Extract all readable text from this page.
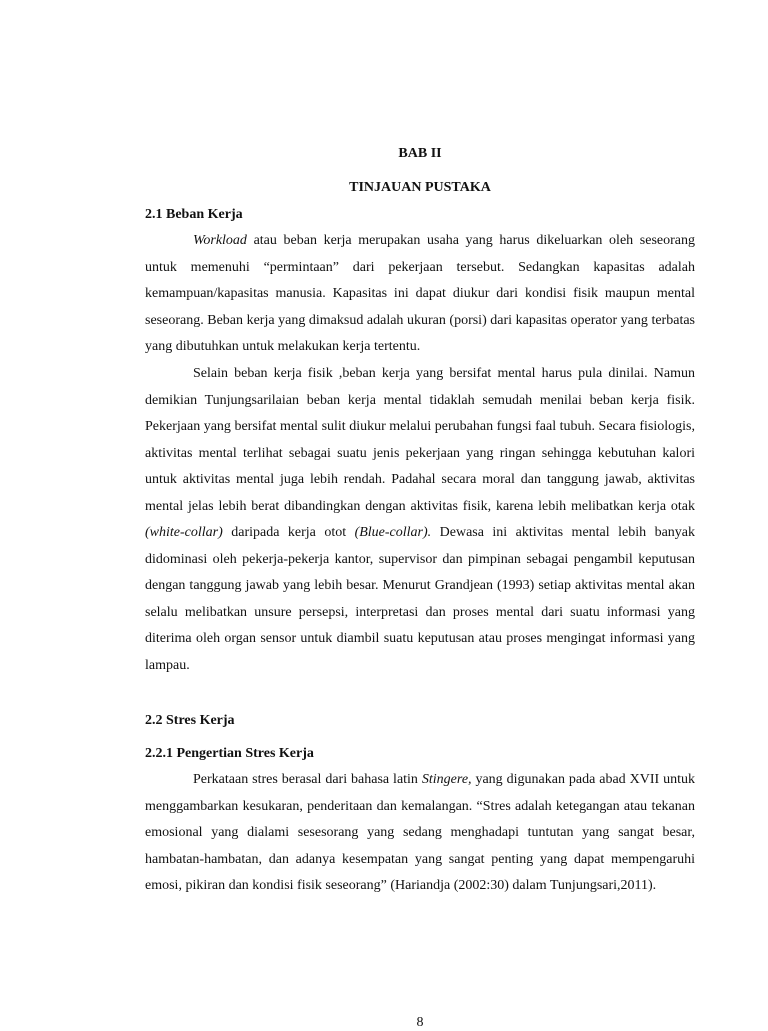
BAB II
TINJAUAN PUSTAKA
2.1 Beban Kerja

Workload atau beban kerja merupakan usaha yang harus dikeluarkan oleh seseorang untuk memenuhi “permintaan” dari pekerjaan tersebut. Sedangkan kapasitas adalah kemampuan/kapasitas manusia. Kapasitas ini dapat diukur dari kondisi fisik maupun mental seseorang. Beban kerja yang dimaksud adalah ukuran (porsi) dari kapasitas operator yang terbatas yang dibutuhkan untuk melakukan kerja tertentu.

Selain beban kerja fisik ,beban kerja yang bersifat mental harus pula dinilai. Namun demikian Tunjungsarilaian beban kerja mental tidaklah semudah menilai beban kerja fisik. Pekerjaan yang bersifat mental sulit diukur melalui perubahan fungsi faal tubuh. Secara fisiologis, aktivitas mental terlihat sebagai suatu jenis pekerjaan yang ringan sehingga kebutuhan kalori untuk aktivitas mental juga lebih rendah. Padahal secara moral dan tanggung jawab, aktivitas mental jelas lebih berat dibandingkan dengan aktivitas fisik, karena lebih melibatkan kerja otak (white-collar) daripada kerja otot (Blue-collar). Dewasa ini aktivitas mental lebih banyak didominasi oleh pekerja-pekerja kantor, supervisor dan pimpinan sebagai pengambil keputusan dengan tanggung jawab yang lebih besar. Menurut Grandjean (1993) setiap aktivitas mental akan selalu melibatkan unsure persepsi, interpretasi dan proses mental dari suatu informasi yang diterima oleh organ sensor untuk diambil suatu keputusan atau proses mengingat informasi yang lampau.

2.2 Stres Kerja
2.2.1 Pengertian Stres Kerja

Perkataan stres berasal dari bahasa latin Stingere, yang digunakan pada abad XVII untuk menggambarkan kesukaran, penderitaan dan kemalangan. “Stres adalah ketegangan atau tekanan emosional yang dialami sesesorang yang sedang menghadapi tuntutan yang sangat besar, hambatan-hambatan, dan adanya kesempatan yang sangat penting yang dapat mempengaruhi emosi, pikiran dan kondisi fisik seseorang” (Hariandja (2002:30) dalam Tunjungsari,2011).

8
